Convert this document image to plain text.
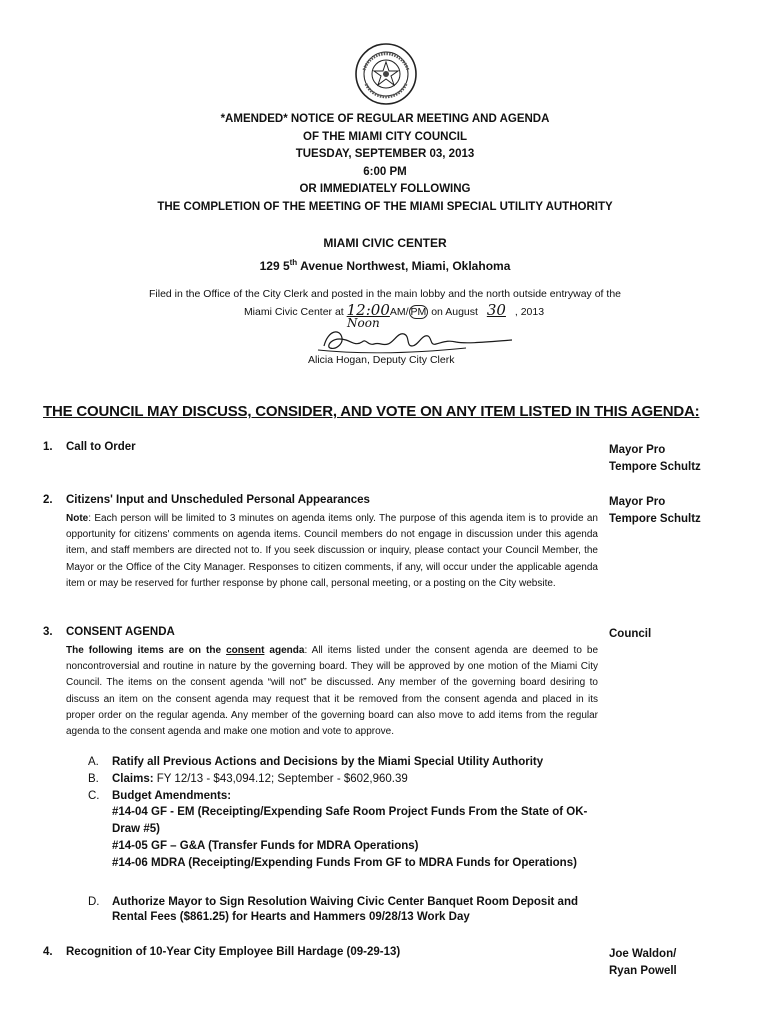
*AMENDED* NOTICE OF REGULAR MEETING AND AGENDA
OF THE MIAMI CITY COUNCIL
TUESDAY, SEPTEMBER 03, 2013
6:00 PM
OR IMMEDIATELY FOLLOWING
THE COMPLETION OF THE MEETING OF THE MIAMI SPECIAL UTILITY AUTHORITY
MIAMI CIVIC CENTER
129 5th Avenue Northwest, Miami, Oklahoma
Filed in the Office of the City Clerk and posted in the main lobby and the north outside entryway of the
Miami Civic Center at 12:00AM/ PM on August 30 , 2013
Noon
Alicia Hogan, Deputy City Clerk
THE COUNCIL MAY DISCUSS, CONSIDER, AND VOTE ON ANY ITEM LISTED IN THIS AGENDA:
1. Call to Order	Mayor Pro
Tempore Schultz
2. Citizens' Input and Unscheduled Personal Appearances
Note: Each person will be limited to 3 minutes on agenda items only. The purpose of this agenda item is to provide an opportunity for citizens' comments on agenda items. Council members do not engage in discussion under this agenda item, and staff members are directed not to. If you seek discussion or inquiry, please contact your Council Member, the Mayor or the Office of the City Manager. Responses to citizen comments, if any, will occur under the applicable agenda item or may be reserved for further response by phone call, personal meeting, or a posting on the City website.
Mayor Pro
Tempore Schultz
3. CONSENT AGENDA
The following items are on the consent agenda: All items listed under the consent agenda are deemed to be noncontroversial and routine in nature by the governing board. They will be approved by one motion of the Miami City Council. The items on the consent agenda “will not” be discussed. Any member of the governing board desiring to discuss an item on the consent agenda may request that it be removed from the consent agenda and placed in its proper order on the regular agenda. Any member of the governing board can also move to add items from the regular agenda to the consent agenda and make one motion and vote to approve.
Council
A. Ratify all Previous Actions and Decisions by the Miami Special Utility Authority
B. Claims: FY 12/13 - $43,094.12; September - $602,960.39
C. Budget Amendments:
#14-04 GF - EM (Receipting/Expending Safe Room Project Funds From the State of OK-
Draw #5)
#14-05 GF – G&A (Transfer Funds for MDRA Operations)
#14-06 MDRA (Receipting/Expending Funds From GF to MDRA Funds for Operations)
D. Authorize Mayor to Sign Resolution Waiving Civic Center Banquet Room Deposit and
Rental Fees ($861.25) for Hearts and Hammers 09/28/13 Work Day
4. Recognition of 10-Year City Employee Bill Hardage (09-29-13)	Joe Waldon/
Ryan Powell
